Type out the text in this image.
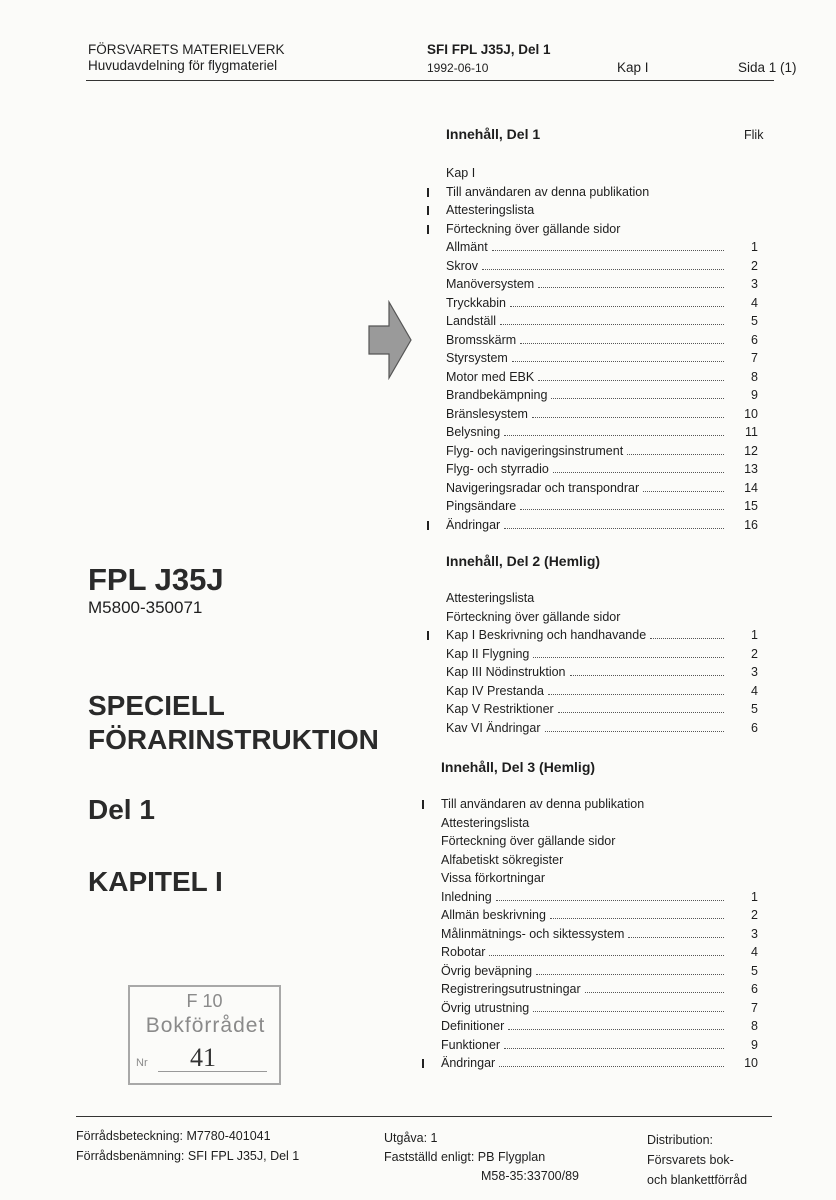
FÖRSVARETS MATERIELVERK
Huvudavdelning för flygmateriel
SFI FPL J35J, Del 1
1992-06-10	Kap I	Sida 1 (1)
Flik
Innehåll, Del 1
Kap I
Till användaren av denna publikation
Attesteringslista
Förteckning över gällande sidor
Allmänt	1
Skrov	2
Manöversystem	3
Tryckkabin	4
Landställ	5
Bromsskärm	6
Styrsystem	7
Motor med EBK	8
Brandbekämpning	9
Bränslesystem	10
Belysning	11
Flyg- och navigeringsinstrument	12
Flyg- och styrradio	13
Navigeringsradar och transpondrar	14
Pingsändare	15
Ändringar	16
Innehåll, Del 2 (Hemlig)
Attesteringslista
Förteckning över gällande sidor
Kap I Beskrivning och handhavande	1
Kap II Flygning	2
Kap III Nödinstruktion	3
Kap IV Prestanda	4
Kap V Restriktioner	5
Kav VI Ändringar	6
Innehåll, Del 3 (Hemlig)
Till användaren av denna publikation
Attesteringslista
Förteckning över gällande sidor
Alfabetiskt sökregister
Vissa förkortningar
Inledning	1
Allmän beskrivning	2
Målinmätnings- och siktessystem	3
Robotar	4
Övrig beväpning	5
Registreringsutrustningar	6
Övrig utrustning	7
Definitioner	8
Funktioner	9
Ändringar	10
FPL J35J
M5800-350071
SPECIELL
FÖRARINSTRUKTION
Del 1
KAPITEL I
F 10
Bokförrådet
Nr 41
Förrådsbeteckning: M7780-401041
Förrådsbenämning: SFI FPL J35J, Del 1
Utgåva: 1
Fastställd enligt: PB Flygplan
M58-35:33700/89
Distribution:
Försvarets bok-
och blankettförråd
